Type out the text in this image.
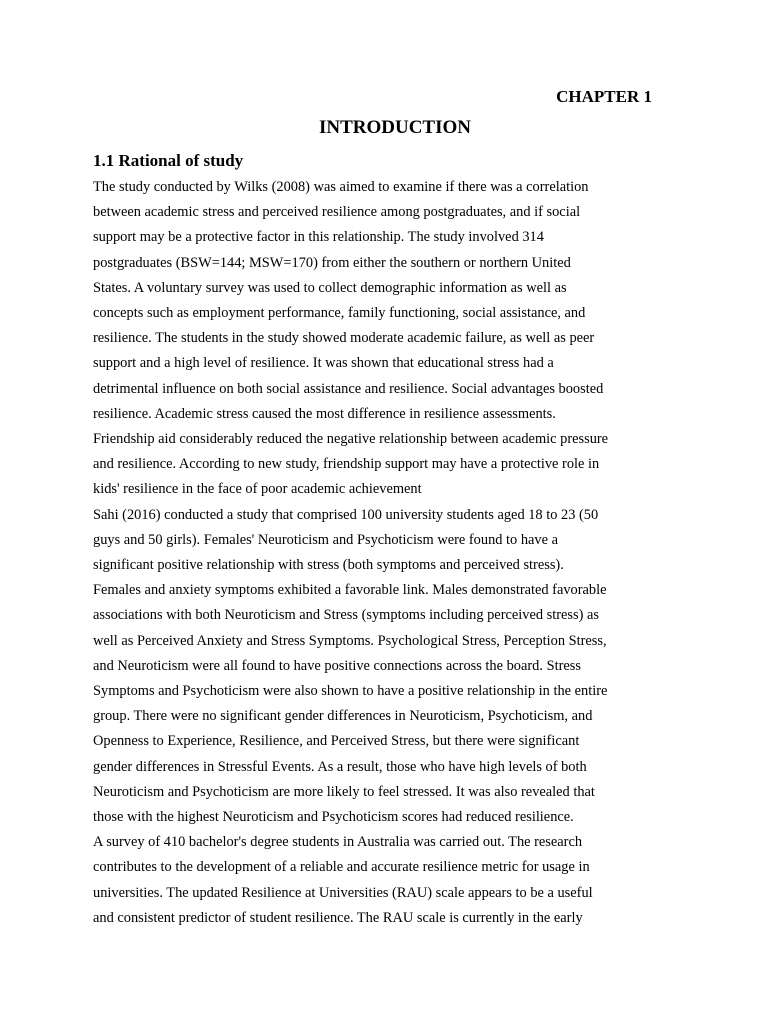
CHAPTER 1

INTRODUCTION
1.1 Rational of study
The study conducted by Wilks (2008) was aimed to examine if there was a correlation
between academic stress and perceived resilience among postgraduates, and if social
support may be a protective factor in this relationship. The study involved 314
postgraduates (BSW=144; MSW=170) from either the southern or northern United
States. A voluntary survey was used to collect demographic information as well as
concepts such as employment performance, family functioning, social assistance, and
resilience. The students in the study showed moderate academic failure, as well as peer
support and a high level of resilience. It was shown that educational stress had a
detrimental influence on both social assistance and resilience. Social advantages boosted
resilience. Academic stress caused the most difference in resilience assessments.
Friendship aid considerably reduced the negative relationship between academic pressure
and resilience. According to new study, friendship support may have a protective role in
kids' resilience in the face of poor academic achievement
Sahi (2016) conducted a study that comprised 100 university students aged 18 to 23 (50
guys and 50 girls). Females' Neuroticism and Psychoticism were found to have a
significant positive relationship with stress (both symptoms and perceived stress).
Females and anxiety symptoms exhibited a favorable link. Males demonstrated favorable
associations with both Neuroticism and Stress (symptoms including perceived stress) as
well as Perceived Anxiety and Stress Symptoms. Psychological Stress, Perception Stress,
and Neuroticism were all found to have positive connections across the board. Stress
Symptoms and Psychoticism were also shown to have a positive relationship in the entire
group. There were no significant gender differences in Neuroticism, Psychoticism, and
Openness to Experience, Resilience, and Perceived Stress, but there were significant
gender differences in Stressful Events. As a result, those who have high levels of both
Neuroticism and Psychoticism are more likely to feel stressed. It was also revealed that
those with the highest Neuroticism and Psychoticism scores had reduced resilience.
A survey of 410 bachelor's degree students in Australia was carried out. The research
contributes to the development of a reliable and accurate resilience metric for usage in
universities. The updated Resilience at Universities (RAU) scale appears to be a useful
and consistent predictor of student resilience. The RAU scale is currently in the early
